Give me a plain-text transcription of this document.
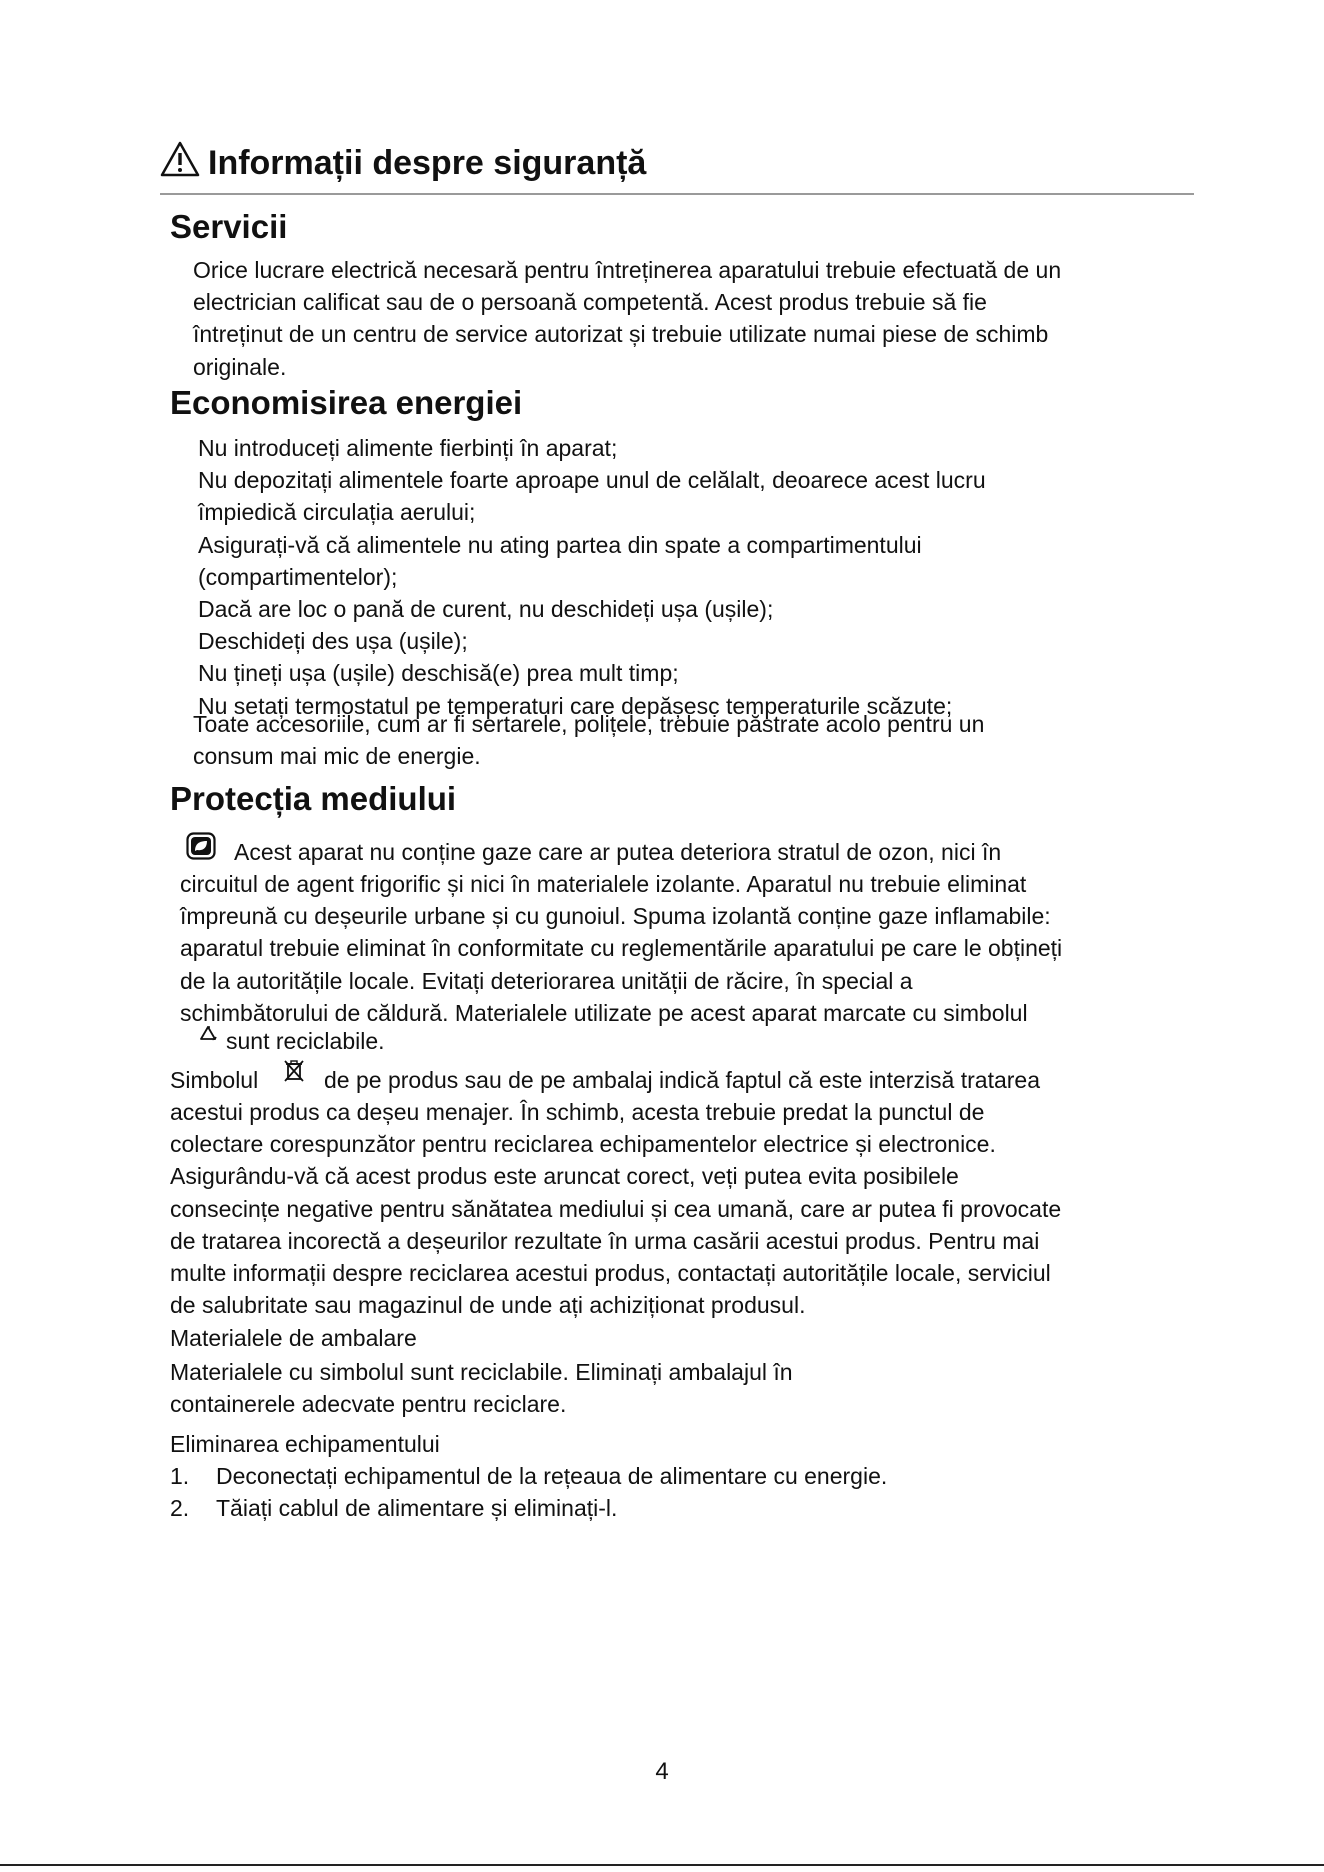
Informații despre siguranță
Servicii
Orice lucrare electrică necesară pentru întreținerea aparatului trebuie efectuată de un
electrician calificat sau de o persoană competentă. Acest produs trebuie să fie
întreținut de un centru de service autorizat și trebuie utilizate numai piese de schimb
originale.
Economisirea energiei
Nu introduceți alimente fierbinți în aparat;
Nu depozitați alimentele foarte aproape unul de celălalt, deoarece acest lucru
împiedică circulația aerului;
Asigurați-vă că alimentele nu ating partea din spate a compartimentului
(compartimentelor);
Dacă are loc o pană de curent, nu deschideți ușa (ușile);
Deschideți des ușa (ușile);
Nu țineți ușa (ușile) deschisă(e) prea mult timp;
Nu setați termostatul pe temperaturi care depășesc temperaturile scăzute;
Toate accesoriile, cum ar fi sertarele, polițele, trebuie păstrate acolo pentru un
consum mai mic de energie.
Protecția mediului
Acest aparat nu conține gaze care ar putea deteriora stratul de ozon, nici în
circuitul de agent frigorific și nici în materialele izolante. Aparatul nu trebuie eliminat
împreună cu deșeurile urbane și cu gunoiul. Spuma izolantă conține gaze inflamabile:
aparatul trebuie eliminat în conformitate cu reglementările aparatului pe care le obțineți
de la autoritățile locale. Evitați deteriorarea unității de răcire, în special a
schimbătorului de căldură. Materialele utilizate pe acest aparat marcate cu simbolul
sunt reciclabile.
Simbolul	de pe produs sau de pe ambalaj indică faptul că este interzisă tratarea
acestui produs ca deșeu menajer. În schimb, acesta trebuie predat la punctul de
colectare corespunzător pentru reciclarea echipamentelor electrice și electronice.
Asigurându-vă că acest produs este aruncat corect, veți putea evita posibilele
consecințe negative pentru sănătatea mediului și cea umană, care ar putea fi provocate
de tratarea incorectă a deșeurilor rezultate în urma casării acestui produs. Pentru mai
multe informații despre reciclarea acestui produs, contactați autoritățile locale, serviciul
de salubritate sau magazinul de unde ați achiziționat produsul.
Materialele de ambalare
Materialele cu simbolul sunt reciclabile. Eliminați ambalajul în
containerele adecvate pentru reciclare.
Eliminarea echipamentului
1. Deconectați echipamentul de la rețeaua de alimentare cu energie.
2. Tăiați cablul de alimentare și eliminați-l.
4
